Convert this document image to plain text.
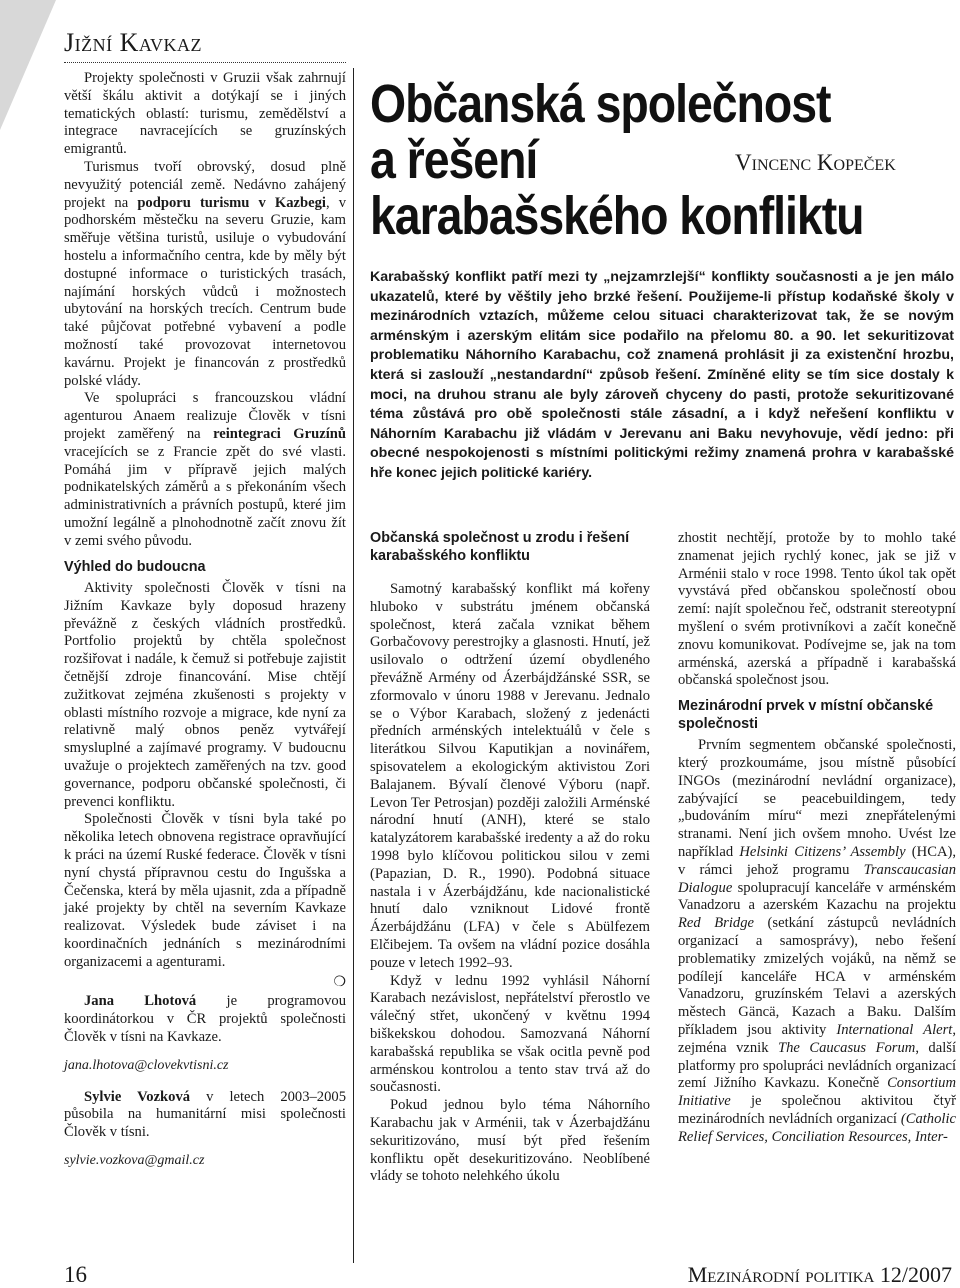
Jižní Kavkaz

Projekty společnosti v Gruzii však zahrnují větší škálu aktivit a dotýkají se i jiných tematických oblastí: turismu, zemědělství a integrace navracejících se gruzínských emigrantů.

Turismus tvoří obrovský, dosud plně nevyužitý potenciál země. Nedávno zahájený projekt na podporu turismu v Kazbegi, v podhorském městečku na severu Gruzie, kam směřuje většina turistů, usiluje o vybudování hostelu a informačního centra, kde by měly být dostupné informace o turistických trasách, najímání horských vůdců i možnostech ubytování na horských trecích. Centrum bude také půjčovat potřebné vybavení a podle možností také provozovat internetovou kavárnu. Projekt je financován z prostředků polské vlády.

Ve spolupráci s francouzskou vládní agenturou Anaem realizuje Člověk v tísni projekt zaměřený na reintegraci Gruzínů vracejících se z Francie zpět do své vlasti. Pomáhá jim v přípravě jejich malých podnikatelských záměrů a s překonáním všech administrativních a právních postupů, které jim umožní legálně a plnohodnotně začít znovu žít v zemi svého původu.

Výhled do budoucna

Aktivity společnosti Člověk v tísni na Jižním Kavkaze byly doposud hrazeny převážně z českých vládních prostředků. Portfolio projektů by chtěla společnost rozšiřovat i nadále, k čemuž si potřebuje zajistit četnější zdroje financování. Mise chtějí zužitkovat zejména zkušenosti s projekty v oblasti místního rozvoje a migrace, kde nyní za relativně malý obnos peněz vytvářejí smysluplné a zajímavé programy. V budoucnu uvažuje o projektech zaměřených na tzv. good governance, podporu občanské společnosti, či prevenci konfliktu.

Společnosti Člověk v tísni byla také po několika letech obnovena registrace opravňující k práci na území Ruské federace. Člověk v tísni nyní chystá přípravnou cestu do Ingušska a Čečenska, která by měla ujasnit, zda a případně jaké projekty by chtěl na severním Kavkaze realizovat. Výsledek bude záviset i na koordinačních jednáních s mezinárodními organizacemi a agenturami.

❍

Jana Lhotová je programovou koordinátorkou v ČR projektů společnosti Člověk v tísni na Kavkaze.

jana.lhotova@clovekvtisni.cz

Sylvie Vozková v letech 2003–2005 působila na humanitární misi společnosti Člověk v tísni.

sylvie.vozkova@gmail.cz
Občanská společnost
a řešení
karabašského konfliktu
Vincenc Kopeček
Karabašský konflikt patří mezi ty „nejzamrzlejší“ konflikty současnosti a je jen málo ukazatelů, které by věštily jeho brzké řešení. Použijeme-li přístup kodaňské školy v mezinárodních vztazích, můžeme celou situaci charakterizovat tak, že se novým arménským i azerským elitám sice podařilo na přelomu 80. a 90. let sekuritizovat problematiku Náhorního Karabachu, což znamená prohlásit ji za existenční hrozbu, která si zaslouží „nestandardní“ způsob řešení. Zmíněné elity se tím sice dostaly k moci, na druhou stranu ale byly zároveň chyceny do pasti, protože sekuritizované téma zůstává pro obě společnosti stále zásadní, a i když neřešení konfliktu v Náhorním Karabachu již vládám v Jerevanu ani Baku nevyhovuje, vědí jedno: při obecné nespokojenosti s místními politickými režimy znamená prohra v karabašské hře konec jejich politické kariéry.
Občanská společnost u zrodu i řešení karabašského konfliktu

Samotný karabašský konflikt má kořeny hluboko v substrátu jménem občanská společnost, která začala vznikat během Gorbačovovy perestrojky a glasnosti. Hnutí, jež usilovalo o odtržení území obydleného převážně Arménу od Ázerbájdžánské SSR, se zformovalo v únoru 1988 v Jerevanu. Jednalo se o Výbor Karabach, složený z jedenácti předních arménských intelektuálů v čele s literátkou Silvou Kaputikjan a novinářem, spisovatelem a ekologickým aktivistou Zori Balajanem. Bývalí členové Výboru (např. Levon Ter Petrosjan) později založili Arménské národní hnutí (ANH), které se stalo katalyzátorem karabašské iredenty a až do roku 1998 bylo klíčovou politickou silou v zemi (Papazian, D. R., 1990). Podobná situace nastala i v Ázerbájdžánu, kde nacionalistické hnutí dalo vzniknout Lidové frontě Ázerbájdžánu (LFA) v čele s Abülfezem Elčibejem. Ta ovšem na vládní pozice dosáhla pouze v letech 1992–93.

Když v lednu 1992 vyhlásil Náhorní Karabach nezávislost, nepřátelství přerostlo ve válečný střet, ukončený v květnu 1994 biškekskou dohodou. Samozvaná Náhorní karabašská republika se však ocitla pevně pod arménskou kontrolou a tento stav trvá až do současnosti.

Pokud jednou bylo téma Náhorního Karabachu jak v Arménii, tak v Ázerbajdžánu sekuritizováno, musí být před řešením konfliktu opět desekuritizováno. Neoblíbené vlády se tohoto nelehkého úkolu

zhostit nechtějí, protože by to mohlo také znamenat jejich rychlý konec, jak se již v Arménii stalo v roce 1998. Tento úkol tak opět vyvstává před občanskou společností obou zemí: najít společnou řeč, odstranit stereotypní myšlení o svém protivníkovi a začít konečně znovu komunikovat. Podívejme se, jak na tom arménská, azerská a případně i karabašská občanská společnost jsou.

Mezinárodní prvek v místní občanské společnosti

Prvním segmentem občanské společnosti, který prozkoumáme, jsou místně působící INGOs (mezinárodní nevládní organizace), zabývající se peacebuildingem, tedy „budováním míru“ mezi znepřátelenými stranami. Není jich ovšem mnoho. Uvést lze například Helsinki Citizens’ Assembly (HCA), v rámci jehož programu Transcaucasian Dialogue spolupracují kanceláře v arménském Vanadzoru a azerském Kazachu na projektu Red Bridge (setkání zástupců nevládních organizací a samosprávy), nebo řešení problematiky zmizelých vojáků, na němž se podílejí kanceláře HCA v arménském Vanadzoru, gruzínském Telavi a azerských městech Gäncä, Kazach a Baku. Dalším příkladem jsou aktivity International Alert, zejména vznik The Caucasus Forum, další platformy pro spolupráci nevládních organizací zemí Jižního Kavkazu. Konečně Consortium Initiative je společnou aktivitou čtyř mezinárodních nevládních organizací (Catholic Relief Services, Conciliation Resources, Inter-

16	Mezinárodní politika 12/2007
